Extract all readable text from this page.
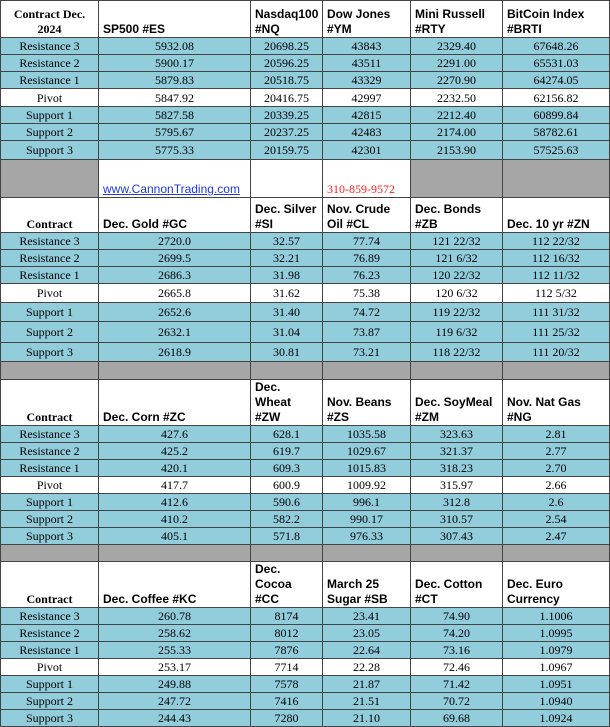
Contract Dec. 2024	SP500 #ES	Nasdaq100 #NQ	Dow Jones #YM	Mini Russell #RTY	BitCoin Index #BRTI
Resistance 3	5932.08	20698.25	43843	2329.40	67648.26
Resistance 2	5900.17	20596.25	43511	2291.00	65531.03
Resistance 1	5879.83	20518.75	43329	2270.90	64274.05
Pivot	5847.92	20416.75	42997	2232.50	62156.82
Support 1	5827.58	20339.25	42815	2212.40	60899.84
Support 2	5795.67	20237.25	42483	2174.00	58782.61
Support 3	5775.33	20159.75	42301	2153.90	57525.63
	www.CannonTrading.com		310-859-9572		
Contract	Dec. Gold #GC	Dec. Silver #SI	Nov. Crude Oil #CL	Dec. Bonds #ZB	Dec. 10 yr #ZN
Resistance 3	2720.0	32.57	77.74	121 22/32	112 22/32
Resistance 2	2699.5	32.21	76.89	121 6/32	112 16/32
Resistance 1	2686.3	31.98	76.23	120 22/32	112 11/32
Pivot	2665.8	31.62	75.38	120 6/32	112 5/32
Support 1	2652.6	31.40	74.72	119 22/32	111 31/32
Support 2	2632.1	31.04	73.87	119 6/32	111 25/32
Support 3	2618.9	30.81	73.21	118 22/32	111 20/32

Contract	Dec. Corn #ZC	Dec. Wheat #ZW	Nov. Beans #ZS	Dec. SoyMeal #ZM	Nov. Nat Gas #NG
Resistance 3	427.6	628.1	1035.58	323.63	2.81
Resistance 2	425.2	619.7	1029.67	321.37	2.77
Resistance 1	420.1	609.3	1015.83	318.23	2.70
Pivot	417.7	600.9	1009.92	315.97	2.66
Support 1	412.6	590.6	996.1	312.8	2.6
Support 2	410.2	582.2	990.17	310.57	2.54
Support 3	405.1	571.8	976.33	307.43	2.47

Contract	Dec. Coffee #KC	Dec. Cocoa #CC	March 25 Sugar #SB	Dec. Cotton #CT	Dec. Euro Currency
Resistance 3	260.78	8174	23.41	74.90	1.1006
Resistance 2	258.62	8012	23.05	74.20	1.0995
Resistance 1	255.33	7876	22.64	73.16	1.0979
Pivot	253.17	7714	22.28	72.46	1.0967
Support 1	249.88	7578	21.87	71.42	1.0951
Support 2	247.72	7416	21.51	70.72	1.0940
Support 3	244.43	7280	21.10	69.68	1.0924
